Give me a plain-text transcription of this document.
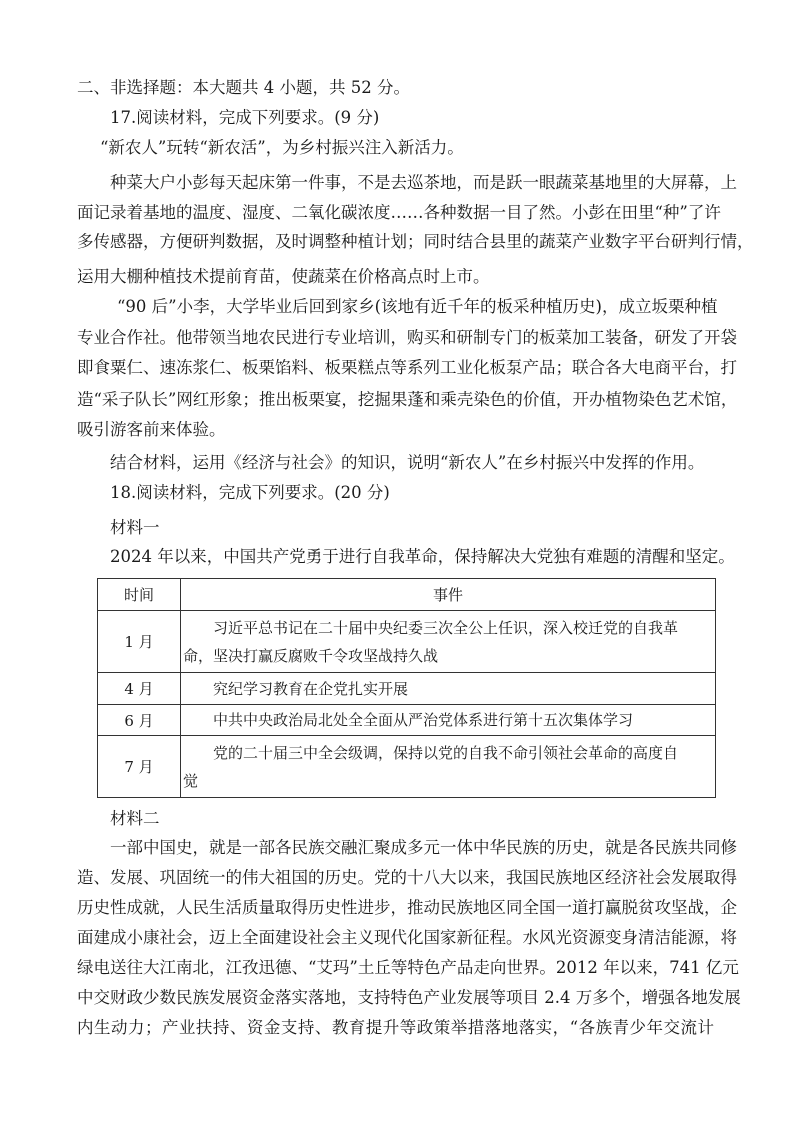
二、非选择题：本大题共 4 小题，共 52 分。
17.阅读材料，完成下列要求。(9 分)
“新农人”玩转“新农活”，为乡村振兴注入新活力。
种菜大户小彭每天起床第一件事，不是去巡茶地，而是跃一眼蔬菜基地里的大屏幕，上
面记录着基地的温度、湿度、二氧化碳浓度……各种数据一目了然。小彭在田里“种”了许
多传感器，方便研判数据，及时调整种植计划；同时结合县里的蔬菜产业数字平台研判行情，
运用大棚种植技术提前育苗，使蔬菜在价格高点时上市。
“90 后”小李，大学毕业后回到家乡(该地有近千年的板采种植历史)，成立坂栗种植
专业合作社。他带领当地农民进行专业培训，购买和研制专门的板菜加工装备，研发了开袋
即食粟仁、速冻浆仁、板栗馅料、板栗糕点等系列工业化板泵产品；联合各大电商平台，打
造“采子队长”网红形象；推出板栗宴，挖掘果蓬和乘壳染色的价值，开办植物染色艺术馆，
吸引游客前来体验。
结合材料，运用《经济与社会》的知识，说明“新农人”在乡村振兴中发挥的作用。
18.阅读材料，完成下列要求。(20 分)
材料一
2024 年以来，中国共产党勇于进行自我革命，保持解决大党独有难题的清醒和坚定。
时间	事件
1 月	习近平总书记在二十届中央纪委三次全公上任识，深入校迁党的自我革
命，坚决打赢反腐败千令攻坚战持久战

4 月	究纪学习教育在企党扎实开展

6 月	中共中央政治局北处全全面从严治党体系进行第十五次集体学习

7 月	党的二十届三中全会级调，保持以党的自我不命引领社会革命的高度自
觉
材料二
一部中国史，就是一部各民族交融汇聚成多元一体中华民族的历史，就是各民族共同修
造、发展、巩固统一的伟大祖国的历史。党的十八大以来，我国民族地区经济社会发展取得
历史性成就，人民生活质量取得历史性进步，推动民族地区同全国一道打赢脱贫攻坚战，企
面建成小康社会，迈上全面建设社会主义现代化国家新征程。水风光资源变身清洁能源，将
绿电送往大江南北，江孜迅德、“艾玛”土丘等特色产品走向世界。2012 年以来，741 亿元
中交财政少数民族发展资金落实落地，支持特色产业发展等项目 2.4 万多个，增强各地发展
内生动力；产业扶持、资金支持、教育提升等政策举措落地落实，“各族青少年交流计
